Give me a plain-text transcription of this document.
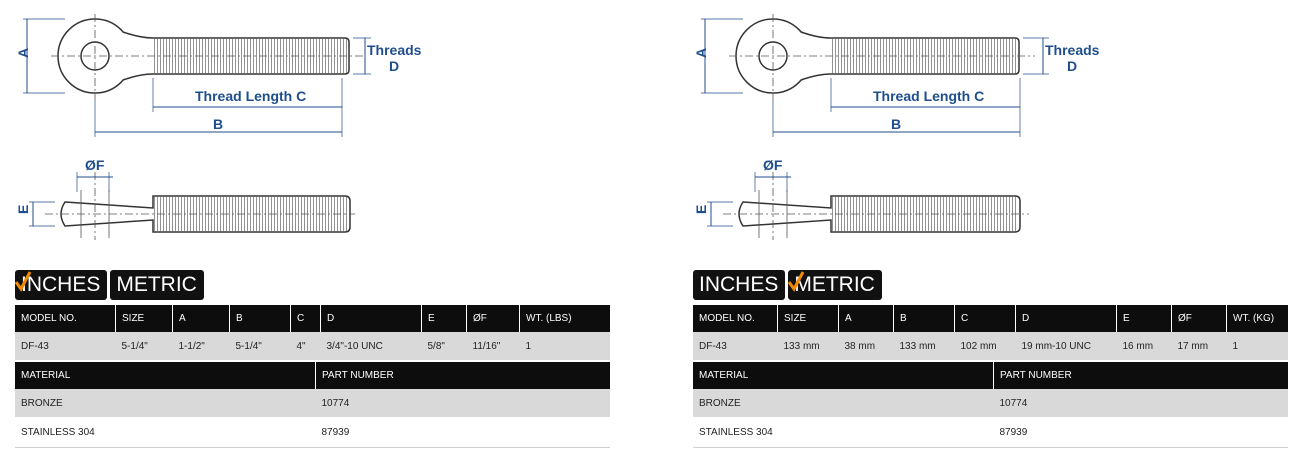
A	Threads
D
Thread Length C
B
ØF
E
INCHES METRIC
MODEL NO.	SIZE	A	B	C	D	E	ØF	WT. (LBS)
DF-43	5-1/4"	1-1/2"	5-1/4"	4"	3/4"-10 UNC	5/8"	11/16"	1
MATERIAL	PART NUMBER
BRONZE	10774
STAINLESS 304	87939
A	Threads
D
Thread Length C
B
ØF
E
INCHES METRIC
MODEL NO.	SIZE	A	B	C	D	E	ØF	WT. (KG)
DF-43	133 mm	38 mm	133 mm	102 mm	19 mm-10 UNC	16 mm	17 mm	1
MATERIAL	PART NUMBER
BRONZE	10774
STAINLESS 304	87939
